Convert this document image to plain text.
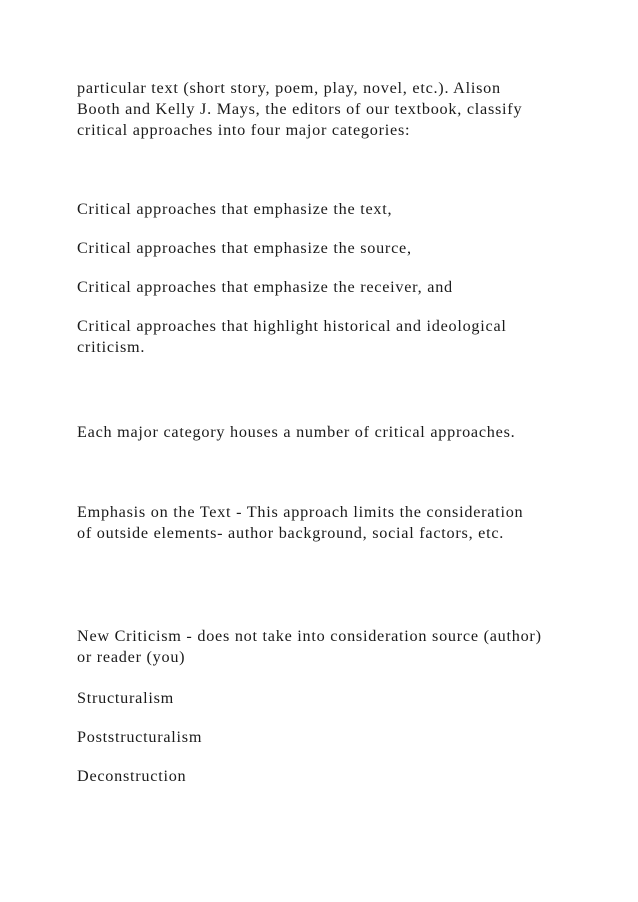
particular text (short story, poem, play, novel, etc.). Alison
Booth and Kelly J. Mays, the editors of our textbook, classify
critical approaches into four major categories:

Critical approaches that emphasize the text,

Critical approaches that emphasize the source,

Critical approaches that emphasize the receiver, and

Critical approaches that highlight historical and ideological
criticism.

Each major category houses a number of critical approaches.

Emphasis on the Text - This approach limits the consideration
of outside elements- author background, social factors, etc.

New Criticism - does not take into consideration source (author)
or reader (you)

Structuralism

Poststructuralism

Deconstruction
